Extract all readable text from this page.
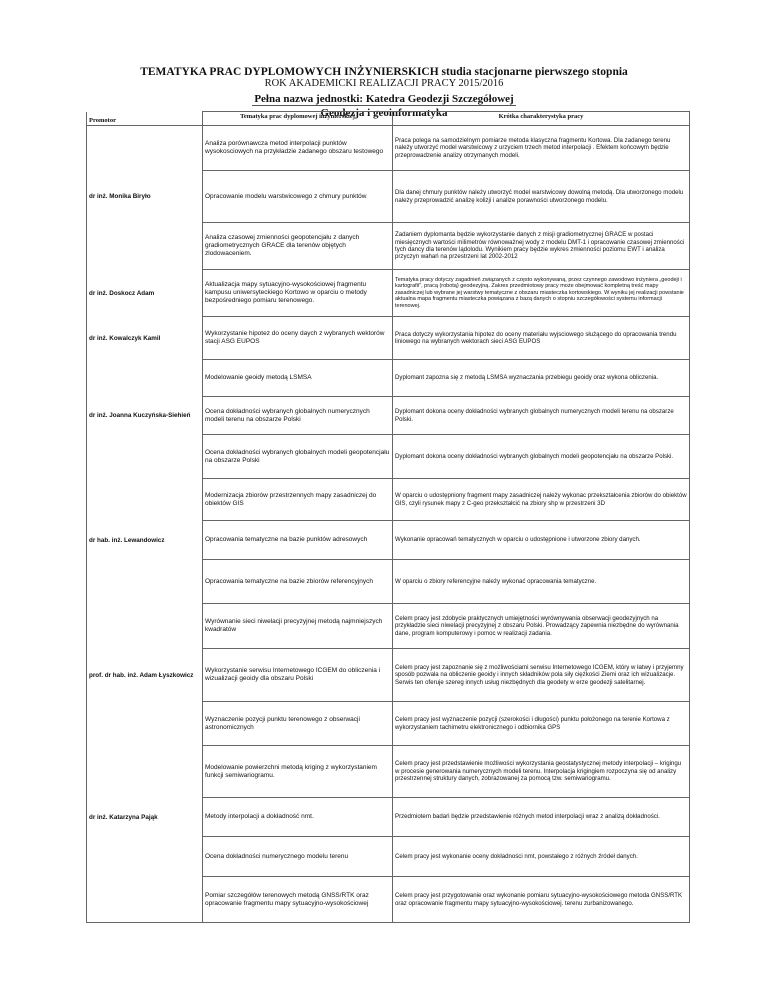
TEMATYKA PRAC DYPLOMOWYCH INŻYNIERSKICH studia stacjonarne pierwszego stopnia
ROK AKADEMICKI REALIZACJI PRACY 2015/2016
Pełna nazwa jednostki: Katedra Geodezji Szczegółowej
Geodezja i geoinformatyka
Promotor	Tematyka prac dyplomowej inżynierskiej	Krótka charakterystyka pracy
	Analiza porównawcza metod interpolacji punktów wysokosciowych na przykładzie zadanego obszaru testowego	Praca polega na samodzielnym pomiarze metoda klasyczna fragmentu Kortowa. Dla zadanego terenu należy utworzyć model warstwicowy z urzyciem trzech metod interpolacji . Efektem końcowym będzie przeprowadzenie analizy otrzymanych modeli.
dr inż. Monika Biryło	Opracowanie modelu warstwicowego z chmury punktów	Dla danej chmury punktów należy utworzyć model warstwicowy dowolną metodą. Dla utworzonego modelu należy przeprowadzić analizę kolizji i analize porawności utworzonego modelu.
	Analiza czasowej zmienności geopotencjału z danych gradiometrycznych GRACE dla terenów objętych zlodowaceniem.	Zadaniem dyplomanta będzie wykorzystanie danych z misji gradiometrycznej GRACE w postaci miesięcznych wartości milimetrów równoważnej wody z modelu DMT-1 i opracowanie czasowej zmienności tych dancy dla terenów lądolodu. Wynikiem pracy będzie wykres zmienności poziomu EWT i analiza przyczyn wahań na przestrzeni lat 2002-2012
dr inż. Doskocz Adam	Aktualizacja mapy sytuacyjno-wysokościowej fragmentu kampusu uniwersyteckiego Kortowo w oparciu o metody bezpośredniego pomiaru terenowego.	Tematyka pracy dotyczy zagadnień związanych z często wykonywaną, przez czynnego zawodowo inżyniera „geodeji i kartografii", pracą (robotą) geodezyjną. Zakres przedmiotowy pracy może obejmować kompletną treść mapy zasadniczej lub wybrane jej warstwy tematyczne z obszaru miasteczka kortowskiego. W wyniku jej realizacji powstanie aktualna mapa fragmentu miasteczka powiązana z bazą danych o stopniu szczegółowości systemu informacji terenowej.
dr inż. Kowalczyk Kamil	Wykorzystanie hipotez do oceny daych z wybranych wektorów stacji ASG EUPOS	Praca dotyczy wykorzystania hipotez do oceny materiału wyjsciowego służącego do opracowania trendu liniowego na wybranych wektorach sieci ASG EUPOS
	Modelowanie geoidy metodą LSMSA	Dyplomant zapozna się z metodą LSMSA wyznaczania przebiegu geoidy oraz wykona obliczenia.
dr inż. Joanna Kuczyńska-Siehień	Ocena dokładności wybranych globalnych numerycznych modeli terenu na obszarze Polski	Dyplomant dokona oceny dokładności wybranych globalnych numerycznych modeli terenu na obszarze Polski.
	Ocena dokładności wybranych globalnych modeli geopotencjału na obszarze Polski	Dyplomant dokona oceny dokładności wybranych globalnych modeli geopotencjału na obszarze Polski.
	Modernizacja zbiorów przestrzennych mapy zasadniczej do obiektów GIS	W oparciu o udostępniony fragment mapy zasadniczej należy wykonac przekształcenia zbiorów do obiektów GIS, czyli rysunek mapy z C-geo przekształcić na zbiory shp w przestrzeni 3D
dr hab. inż. Lewandowicz	Opracowania tematyczne na bazie punktów adresowych	Wykonanie opracowań tematycznych w oparciu o udostępnione i utworzone zbiory danych.
	Opracowania tematyczne na bazie zbiorów referencyjnych	W oparciu o zbiory referencyjne należy wykonać opracowania tematyczne.
	Wyrównanie sieci niwelacji precyzyjnej metodą najmniejszych kwadratów	Celem pracy jest zdobycie praktycznych umiejętności wyrównywania obserwacji geodezyjnych na przykładzie sieci niwelacji precyzyjnej z obszaru Polski. Prowadzący zapewnia niezbędne do wyrównania dane, program komputerowy i pomoc w realizacji zadania.
prof. dr hab. inż. Adam Łyszkowicz	Wykorzystanie serwisu Internetowego ICGEM do obliczenia i wizualizacji geoidy dla obszaru Polski	Celem pracy jest zapoznanie się z możliwościami serwisu Internetowego ICGEM, który w łatwy i przyjemny sposób pozwala na obliczenie geoidy i innych składników pola siły ciężkości Ziemi oraz ich wizualizacje. Serwis ten oferuje szereg innych usług niezbędnych dla geodety w erze geodezji satelitarnej.
	Wyznaczenie pozycji punktu terenowego z obserwacji astronomicznych	Celem pracy jest wyznaczenie pozycji (szerokości i długości) punktu położonego na terenie Kortowa z wykorzystaniem tachimetru elektronicznego i odbiornika GPS
	Modelowanie powierzchni metodą kriging z wykorzystaniem funkcji semiwariogramu.	Celem pracy jest przedstawienie możliwości wykorzystania geostatystycznej metody interpolacji – krigingu w procesie generowania numerycznych modeli terenu. Interpolacja krigingiem rozpoczyna się od analizy przestrzennej struktury danych, zobrazowanej za pomocą tzw. semiwariogramu.
dr inż. Katarzyna Pająk	Metody interpolacji a dokładność nmt.	Przedmiotem badań będzie przedstawienie różnych metod interpolacji wraz z analizą dokładności.
	Ocena dokładności numerycznego modelu terenu	Celem pracy jest wykonanie oceny dokładności nmt, powstałego z różnych źródeł danych.
	Pomiar szczegółów terenowych metodą GNSS/RTK oraz opracowanie fragmentu mapy sytuacyjno-wysokościowej	Celem pracy jest przygotowanie oraz wykonanie pomiaru sytuacyjno-wysokościowego metoda GNSS/RTK oraz opracowanie fragmentu mapy sytuacyjno-wysokościowej. terenu zurbanizowanego.
